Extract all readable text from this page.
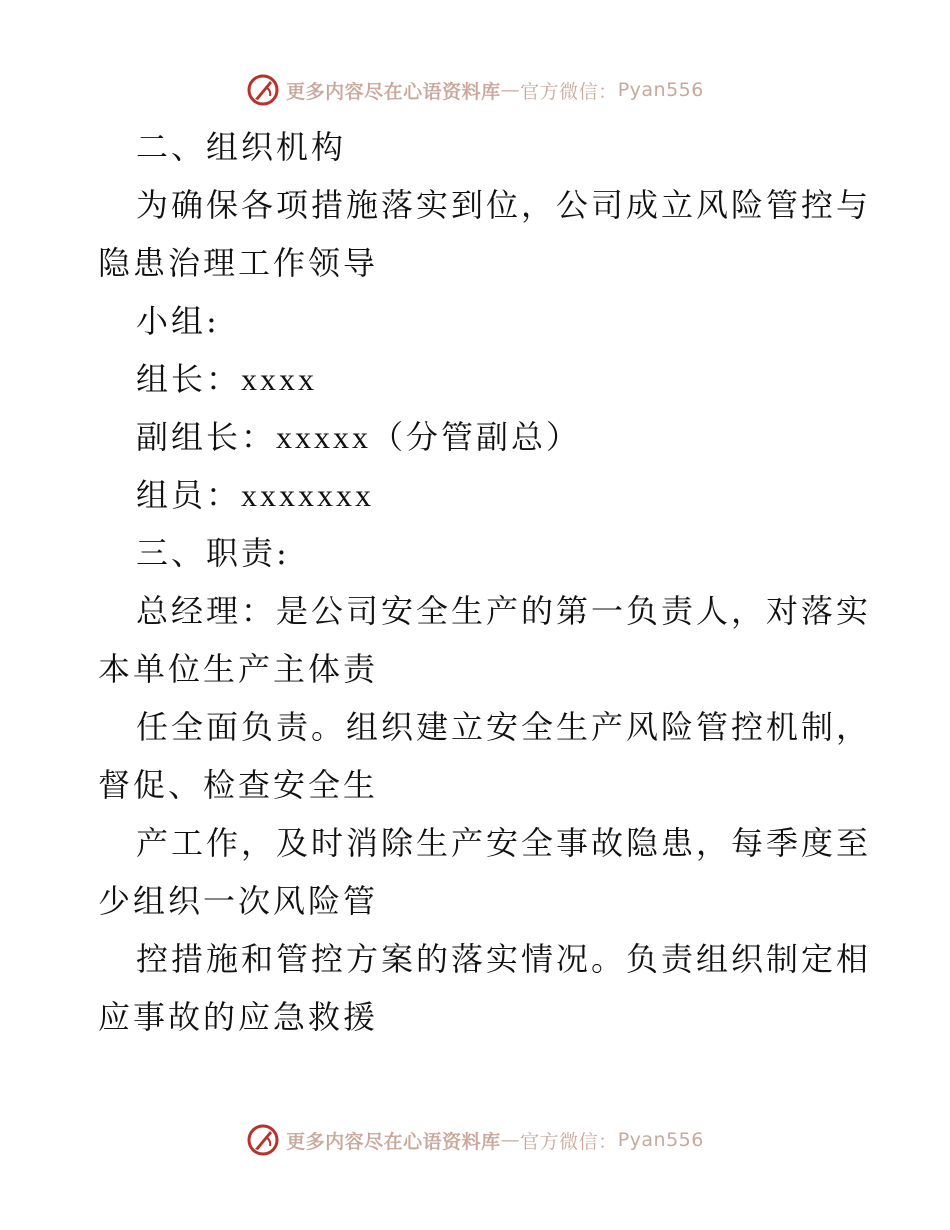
更多内容尽在心语资料库 — 官方微信： Pyan556
二、组织机构
为确保各项措施落实到位，公司成立风险管控与
隐患治理工作领导
小组:
组长：xxxx
副组长：xxxxx（分管副总）
组员：xxxxxxx
三、职责:
总经理：是公司安全生产的第一负责人，对落实
本单位生产主体责
任全面负责。组织建立安全生产风险管控机制，
督促、检查安全生
产工作，及时消除生产安全事故隐患，每季度至
少组织一次风险管
控措施和管控方案的落实情况。负责组织制定相
应事故的应急救援
更多内容尽在心语资料库 — 官方微信： Pyan556
